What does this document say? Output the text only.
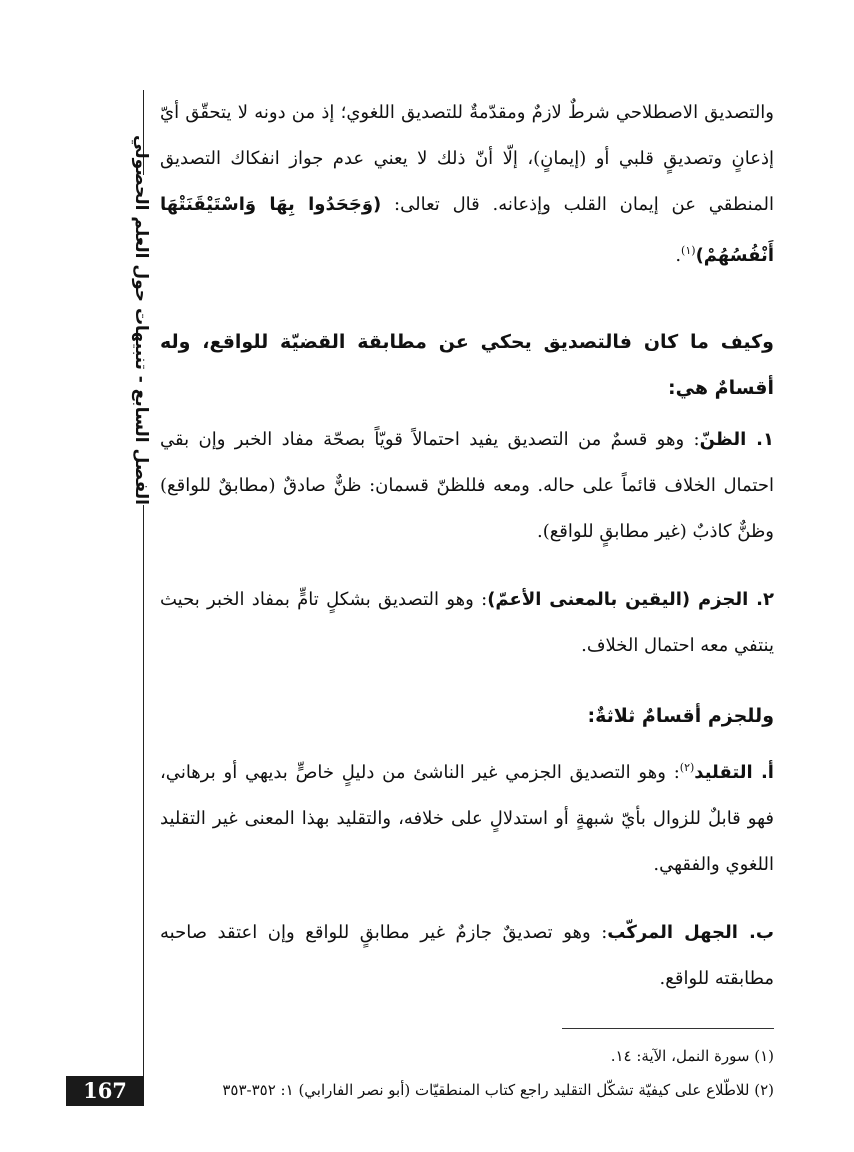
الفصل السابع - تنبيهات حول العلم الحصولي
167

والتصديق الاصطلاحي شرطٌ لازمٌ ومقدّمةٌ للتصديق اللغوي؛ إذ من دونه لا يتحقّق أيّ إذعانٍ وتصديقٍ قلبي أو (إيمانٍ)، إلّا أنّ ذلك لا يعني عدم جواز انفكاك التصديق المنطقي عن إيمان القلب وإذعانه. قال تعالى: (وَجَحَدُوا بِهَا وَاسْتَيْقَنَتْهَا أَنْفُسُهُمْ)$^{(١)}$.

وكيف ما كان فالتصديق يحكي عن مطابقة القضيّة للواقع، وله أقسامٌ هي:

١. الظنّ: وهو قسمٌ من التصديق يفيد احتمالاً قويّاً بصحّة مفاد الخبر وإن بقي احتمال الخلاف قائماً على حاله. ومعه فللظنّ قسمان: ظنٌّ صادقٌ (مطابقٌ للواقع) وظنٌّ كاذبٌ (غير مطابقٍ للواقع).

٢. الجزم (اليقين بالمعنى الأعمّ): وهو التصديق بشكلٍ تامٍّ بمفاد الخبر بحيث ينتفي معه احتمال الخلاف.

وللجزم أقسامٌ ثلاثةٌ:

أ. التقليد$^{(٢)}$: وهو التصديق الجزمي غير الناشئ من دليلٍ خاصٍّ بديهي أو برهاني، فهو قابلٌ للزوال بأيّ شبهةٍ أو استدلالٍ على خلافه، والتقليد بهذا المعنى غير التقليد اللغوي والفقهي.

ب. الجهل المركّب: وهو تصديقٌ جازمٌ غير مطابقٍ للواقع وإن اعتقد صاحبه مطابقته للواقع.

(١) سورة النمل، الآية: ١٤.

(٢) للاطّلاع على كيفيّة تشكّل التقليد راجع كتاب المنطقيّات (أبو نصر الفارابي) ١: ٣٥٢-٣٥٣
